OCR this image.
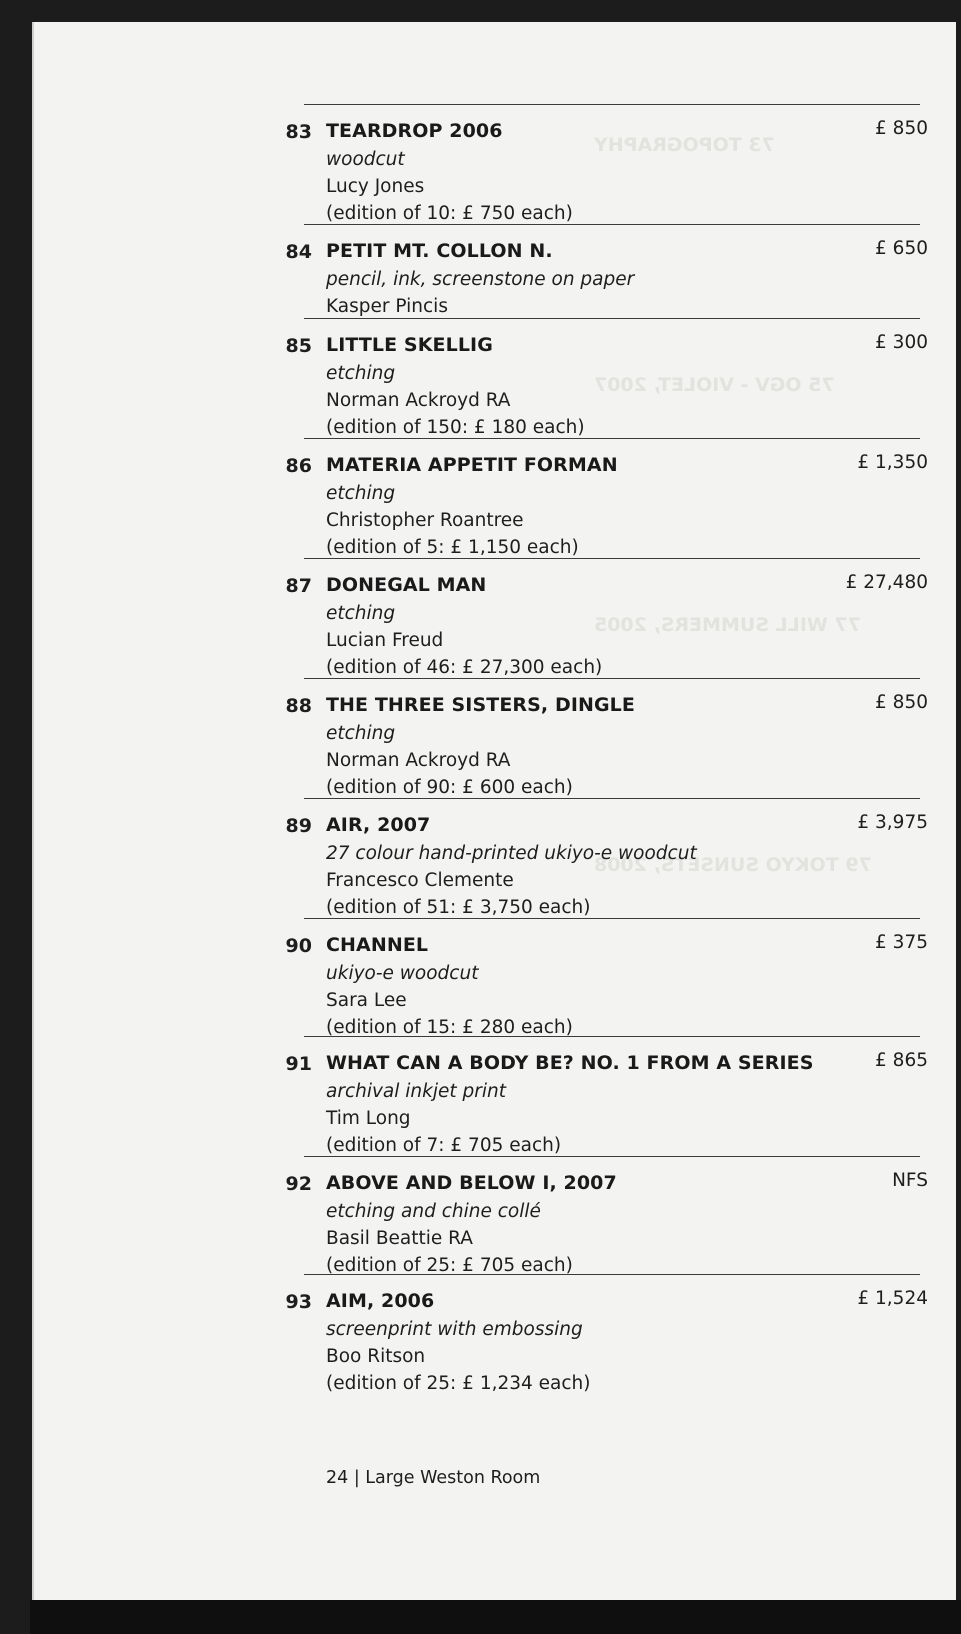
73 TOPOGRAPHY
75 OGV - VIOLET, 2007
77 WILL SUMMERS, 2005
79 TOKYO SUNSETS, 2008
83 TEARDROP 2006
woodcut
Lucy Jones
(edition of 10: £ 750 each)
£ 850
84 PETIT MT. COLLON N.
pencil, ink, screenstone on paper
Kasper Pincis
£ 650
85 LITTLE SKELLIG
etching
Norman Ackroyd RA
(edition of 150: £ 180 each)
£ 300
86 MATERIA APPETIT FORMAN
etching
Christopher Roantree
(edition of 5: £ 1,150 each)
£ 1,350
87 DONEGAL MAN
etching
Lucian Freud
(edition of 46: £ 27,300 each)
£ 27,480
88 THE THREE SISTERS, DINGLE
etching
Norman Ackroyd RA
(edition of 90: £ 600 each)
£ 850
89 AIR, 2007
27 colour hand-printed ukiyo-e woodcut
Francesco Clemente
(edition of 51: £ 3,750 each)
£ 3,975
90 CHANNEL
ukiyo-e woodcut
Sara Lee
(edition of 15: £ 280 each)
£ 375
91 WHAT CAN A BODY BE? NO. 1 FROM A SERIES
archival inkjet print
Tim Long
(edition of 7: £ 705 each)
£ 865
92 ABOVE AND BELOW I, 2007
etching and chine collé
Basil Beattie RA
(edition of 25: £ 705 each)
NFS
93 AIM, 2006
screenprint with embossing
Boo Ritson
(edition of 25: £ 1,234 each)
£ 1,524
24 | Large Weston Room
